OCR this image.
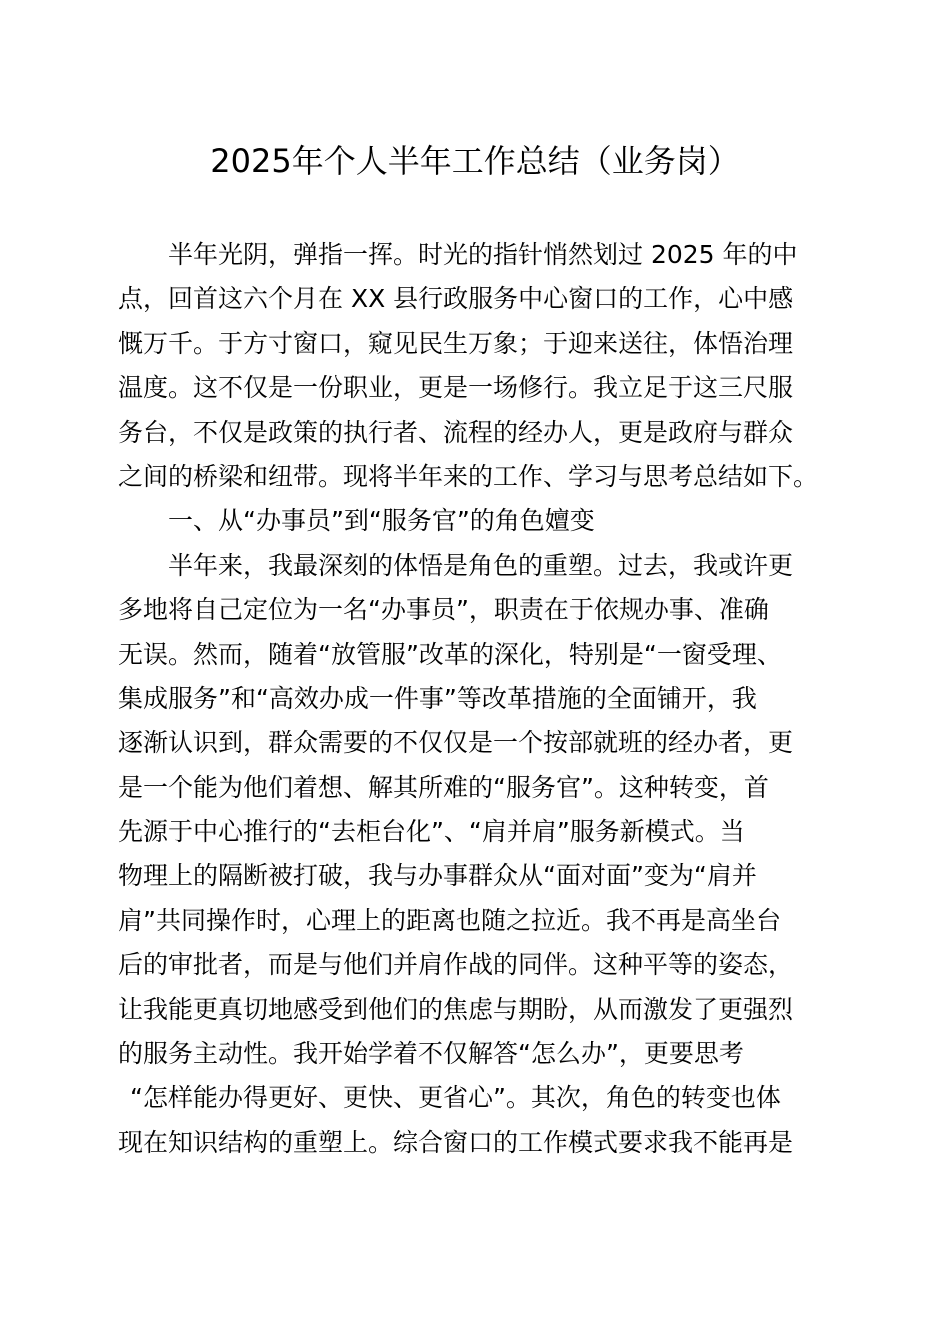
2025年个人半年工作总结（业务岗）
半年光阴，弹指一挥。时光的指针悄然划过 2025 年的中
点，回首这六个月在 XX 县行政服务中心窗口的工作，心中感
慨万千。于方寸窗口，窥见民生万象；于迎来送往，体悟治理
温度。这不仅是一份职业，更是一场修行。我立足于这三尺服
务台，不仅是政策的执行者、流程的经办人，更是政府与群众
之间的桥梁和纽带。现将半年来的工作、学习与思考总结如下。
一、从“办事员”到“服务官”的角色嬗变
半年来，我最深刻的体悟是角色的重塑。过去，我或许更
多地将自己定位为一名“办事员”，职责在于依规办事、准确
无误。然而，随着“放管服”改革的深化，特别是“一窗受理、
集成服务”和“高效办成一件事”等改革措施的全面铺开，我
逐渐认识到，群众需要的不仅仅是一个按部就班的经办者，更
是一个能为他们着想、解其所难的“服务官”。这种转变，首
先源于中心推行的“去柜台化”、“肩并肩”服务新模式。当
物理上的隔断被打破，我与办事群众从“面对面”变为“肩并
肩”共同操作时，心理上的距离也随之拉近。我不再是高坐台
后的审批者，而是与他们并肩作战的同伴。这种平等的姿态，
让我能更真切地感受到他们的焦虑与期盼，从而激发了更强烈
的服务主动性。我开始学着不仅解答“怎么办”，更要思考
“怎样能办得更好、更快、更省心”。其次，角色的转变也体
现在知识结构的重塑上。综合窗口的工作模式要求我不能再是
